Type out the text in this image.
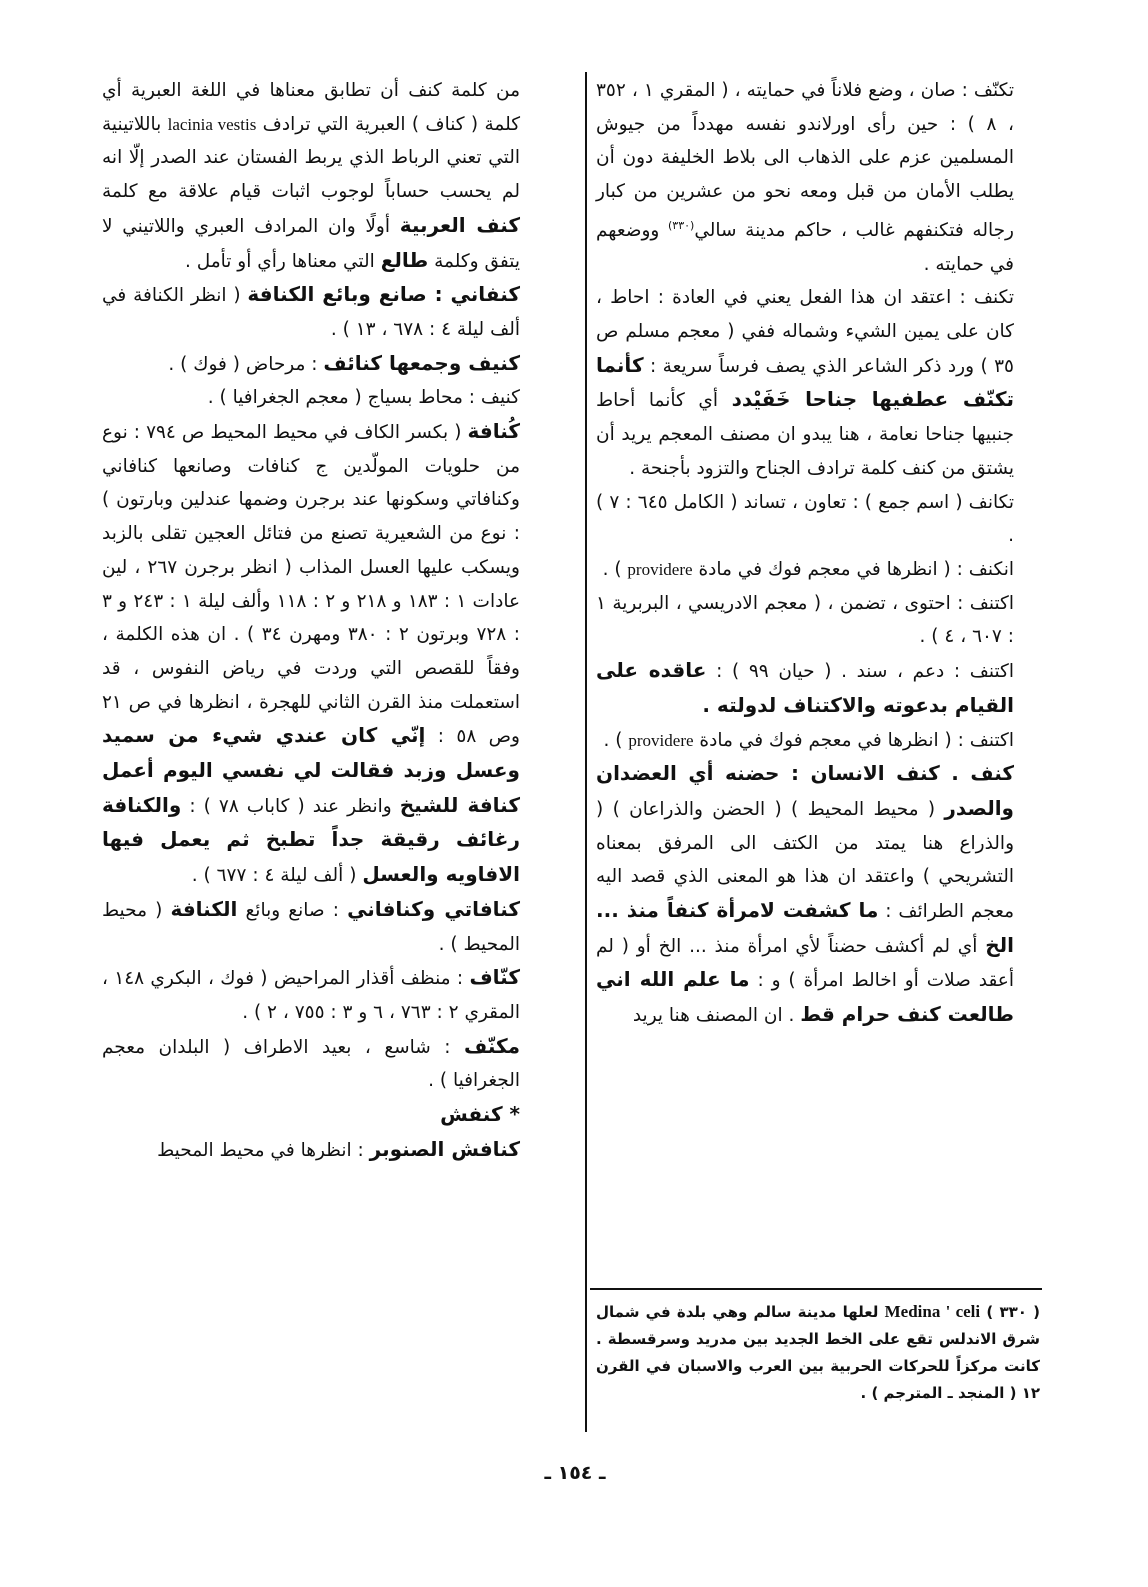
تكنّف : صان ، وضع فلاناً في حمايته ، ( المقري ١ ، ٣٥٢ ، ٨ ) : حين رأى اورلاندو نفسه مهدداً من جيوش المسلمين عزم على الذهاب الى بلاط الخليفة دون أن يطلب الأمان من قبل ومعه نحو من عشرين من كبار رجاله فتكنفهم غالب ، حاكم مدينة سالي$^{(٣٣٠)}$ ووضعهم في حمايته .

تكنف : اعتقد ان هذا الفعل يعني في العادة : احاط ، كان على يمين الشيء وشماله ففي ( معجم مسلم ص ٣٥ ) ورد ذكر الشاعر الذي يصف فرساً سريعة : كأنما تكنّف عطفيها جناحا خَفَيْدد أي كأنما أحاط جنبيها جناحا نعامة ، هنا يبدو ان مصنف المعجم يريد أن يشتق من كنف كلمة ترادف الجناح والتزود بأجنحة .

تكانف ( اسم جمع ) : تعاون ، تساند ( الكامل ٦٤٥ : ٧ ) .

انكنف : ( انظرها في معجم فوك في مادة providere ) .

اكتنف : احتوى ، تضمن ، ( معجم الادريسي ، البربرية ١ : ٦٠٧ ، ٤ ) .

اكتنف : دعم ، سند . ( حيان ٩٩ ) : عاقده على القيام بدعوته والاكتناف لدولته .

اكتنف : ( انظرها في معجم فوك في مادة providere ) .

كنف . كنف الانسان : حضنه أي العضدان والصدر ( محيط المحيط ) ( الحضن والذراعان ) ( والذراع هنا يمتد من الكتف الى المرفق بمعناه التشريحي ) واعتقد ان هذا هو المعنى الذي قصد اليه معجم الطرائف : ما كشفت لامرأة كنفاً منذ ... الخ أي لم أكشف حضناً لأي امرأة منذ ... الخ أو ( لم أعقد صلات أو اخالط امرأة ) و : ما علم الله اني طالعت كنف حرام قط . ان المصنف هنا يريد

( ٣٣٠ ) Medina ' celi لعلها مدينة سالم وهي بلدة في شمال شرق الاندلس تقع على الخط الجديد بين مدريد وسرقسطة . كانت مركزاً للحركات الحربية بين العرب والاسبان في القرن ١٢ ( المنجد ـ المترجم ) .

من كلمة كنف أن تطابق معناها في اللغة العبرية أي كلمة ( كناف ) العبرية التي ترادف lacinia vestis باللاتينية التي تعني الرباط الذي يربط الفستان عند الصدر إلّا انه لم يحسب حساباً لوجوب اثبات قيام علاقة مع كلمة كنف العربية أولًا وان المرادف العبري واللاتيني لا يتفق وكلمة طالع التي معناها رأي أو تأمل .

كنفاني : صانع وبائع الكنافة ( انظر الكنافة في ألف ليلة ٤ : ٦٧٨ ، ١٣ ) .

كنيف وجمعها كنائف : مرحاض ( فوك ) .

كنيف : محاط بسياج ( معجم الجغرافيا ) .

كُنافة ( بكسر الكاف في محيط المحيط ص ٧٩٤ : نوع من حلويات المولّدين ج كنافات وصانعها كنافاني وكنافاتي وسكونها عند برجرن وضمها عندلين وبارتون ) : نوع من الشعيرية تصنع من فتائل العجين تقلى بالزبد ويسكب عليها العسل المذاب ( انظر برجرن ٢٦٧ ، لين عادات ١ : ١٨٣ و ٢١٨ و ٢ : ١١٨ وألف ليلة ١ : ٢٤٣ و ٣ : ٧٢٨ وبرتون ٢ : ٣٨٠ ومهرن ٣٤ ) . ان هذه الكلمة ، وفقاً للقصص التي وردت في رياض النفوس ، قد استعملت منذ القرن الثاني للهجرة ، انظرها في ص ٢١ وص ٥٨ : إنّي كان عندي شيء من سميد وعسل وزبد فقالت لي نفسي اليوم أعمل كنافة للشيخ وانظر عند ( كاباب ٧٨ ) : والكنافة رغائف رقيقة جداً تطبخ ثم يعمل فيها الافاويه والعسل ( ألف ليلة ٤ : ٦٧٧ ) .

كنافاتي وكنافاني : صانع وبائع الكنافة ( محيط المحيط ) .

كنّاف : منظف أقذار المراحيض ( فوك ، البكري ١٤٨ ، المقري ٢ : ٧٦٣ ، ٦ و ٣ : ٧٥٥ ، ٢ ) .

مكنّف : شاسع ، بعيد الاطراف ( البلدان معجم الجغرافيا ) .

* كنفش

كنافش الصنوبر : انظرها في محيط المحيط

ـ ١٥٤ ـ
